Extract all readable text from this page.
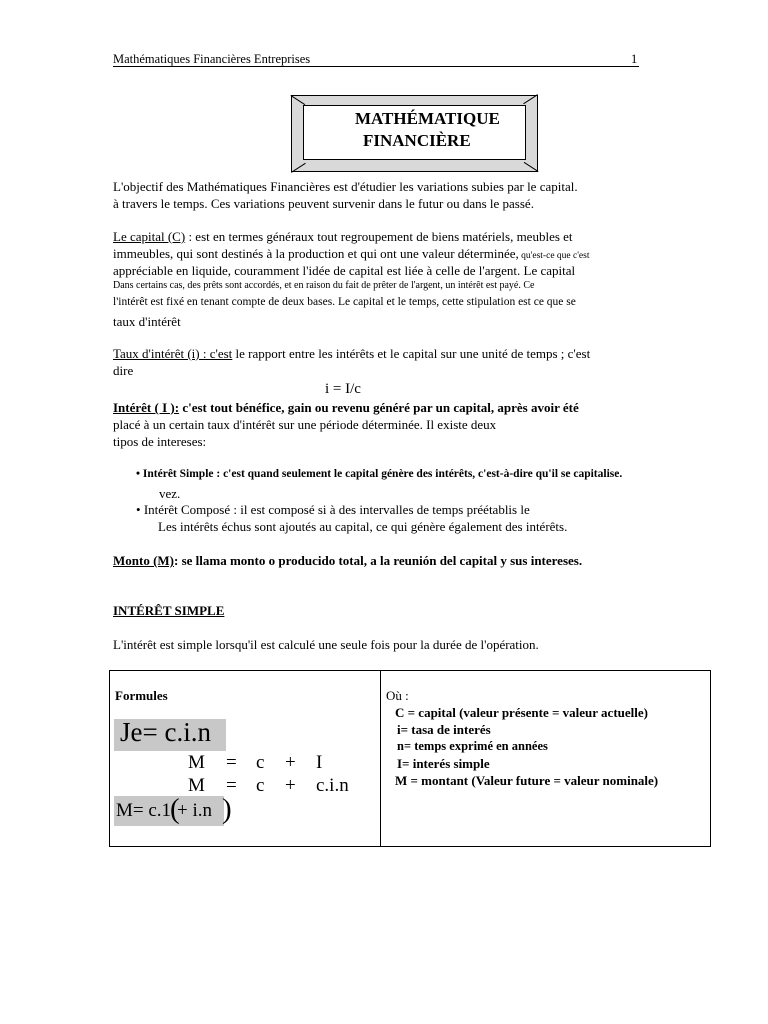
Mathématiques Financières Entreprises	1
MATHÉMATIQUE
FINANCIÈRE
L'objectif des Mathématiques Financières est d'étudier les variations subies par le capital.
à travers le temps. Ces variations peuvent survenir dans le futur ou dans le passé.
Le capital (C) : est en termes généraux tout regroupement de biens matériels, meubles et
immeubles, qui sont destinés à la production et qui ont une valeur déterminée, qu'est-ce que c'est
appréciable en liquide, couramment l'idée de capital est liée à celle de l'argent. Le capital
Dans certains cas, des prêts sont accordés, et en raison du fait de prêter de l'argent, un intérêt est payé. Ce
l'intérêt est fixé en tenant compte de deux bases. Le capital et le temps, cette stipulation est ce que se
taux d'intérêt
Taux d'intérêt (i) : c'est le rapport entre les intérêts et le capital sur une unité de temps ; c'est
dire
i = I/c
Intérêt ( I ): c'est tout bénéfice, gain ou revenu généré par un capital, après avoir été
placé à un certain taux d'intérêt sur une période déterminée. Il existe deux
tipos de intereses:
• Intérêt Simple : c'est quand seulement le capital génère des intérêts, c'est-à-dire qu'il se capitalise.
vez.
• Intérêt Composé : il est composé si à des intervalles de temps préétablis le
Les intérêts échus sont ajoutés au capital, ce qui génère également des intérêts.
Monto (M): se llama monto o producido total, a la reunión del capital y sus intereses.
INTÉRÊT SIMPLE
L'intérêt est simple lorsqu'il est calculé une seule fois pour la durée de l'opération.
Formules
Je= c.i.n
M = c + I
M = c + c.i.n
M= c.1
(
+ i.n )
Où :
C = capital (valeur présente = valeur actuelle)
i= tasa de interés
n= temps exprimé en années
I= interés simple
M = montant (Valeur future = valeur nominale)
